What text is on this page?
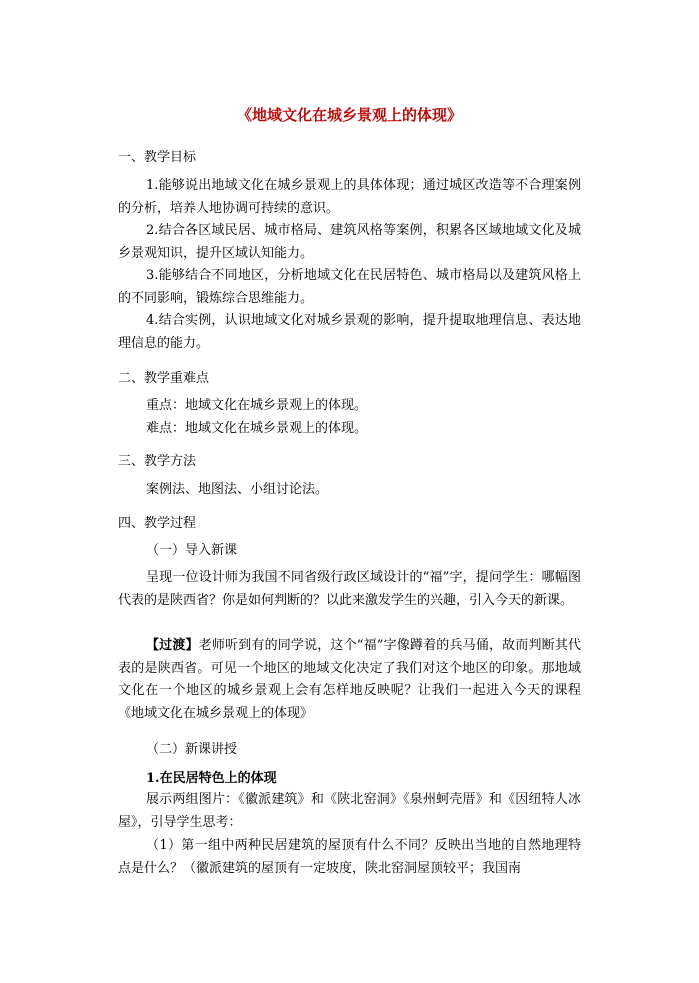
《地域文化在城乡景观上的体现》
一、教学目标

1.能够说出地域文化在城乡景观上的具体体现；通过城区改造等不合理案例的分析，培养人地协调可持续的意识。

2.结合各区域民居、城市格局、建筑风格等案例，积累各区域地域文化及城乡景观知识，提升区域认知能力。

3.能够结合不同地区，分析地域文化在民居特色、城市格局以及建筑风格上的不同影响，锻炼综合思维能力。

4.结合实例，认识地域文化对城乡景观的影响，提升提取地理信息、表达地理信息的能力。

二、教学重难点
重点：地域文化在城乡景观上的体现。
难点：地域文化在城乡景观上的体现。
三、教学方法
案例法、地图法、小组讨论法。
四、教学过程
（一）导入新课

呈现一位设计师为我国不同省级行政区域设计的“福”字，提问学生：哪幅图代表的是陕西省？你是如何判断的？以此来激发学生的兴趣，引入今天的新课。

【过渡】老师听到有的同学说，这个“福”字像蹲着的兵马俑，故而判断其代表的是陕西省。可见一个地区的地域文化决定了我们对这个地区的印象。那地域文化在一个地区的城乡景观上会有怎样地反映呢？让我们一起进入今天的课程《地域文化在城乡景观上的体现》

（二）新课讲授
1.在民居特色上的体现

展示两组图片：《徽派建筑》和《陕北窑洞》《泉州蚵壳厝》和《因纽特人冰屋》，引导学生思考：

（1）第一组中两种民居建筑的屋顶有什么不同？反映出当地的自然地理特点是什么？（徽派建筑的屋顶有一定坡度，陕北窑洞屋顶较平；我国南
